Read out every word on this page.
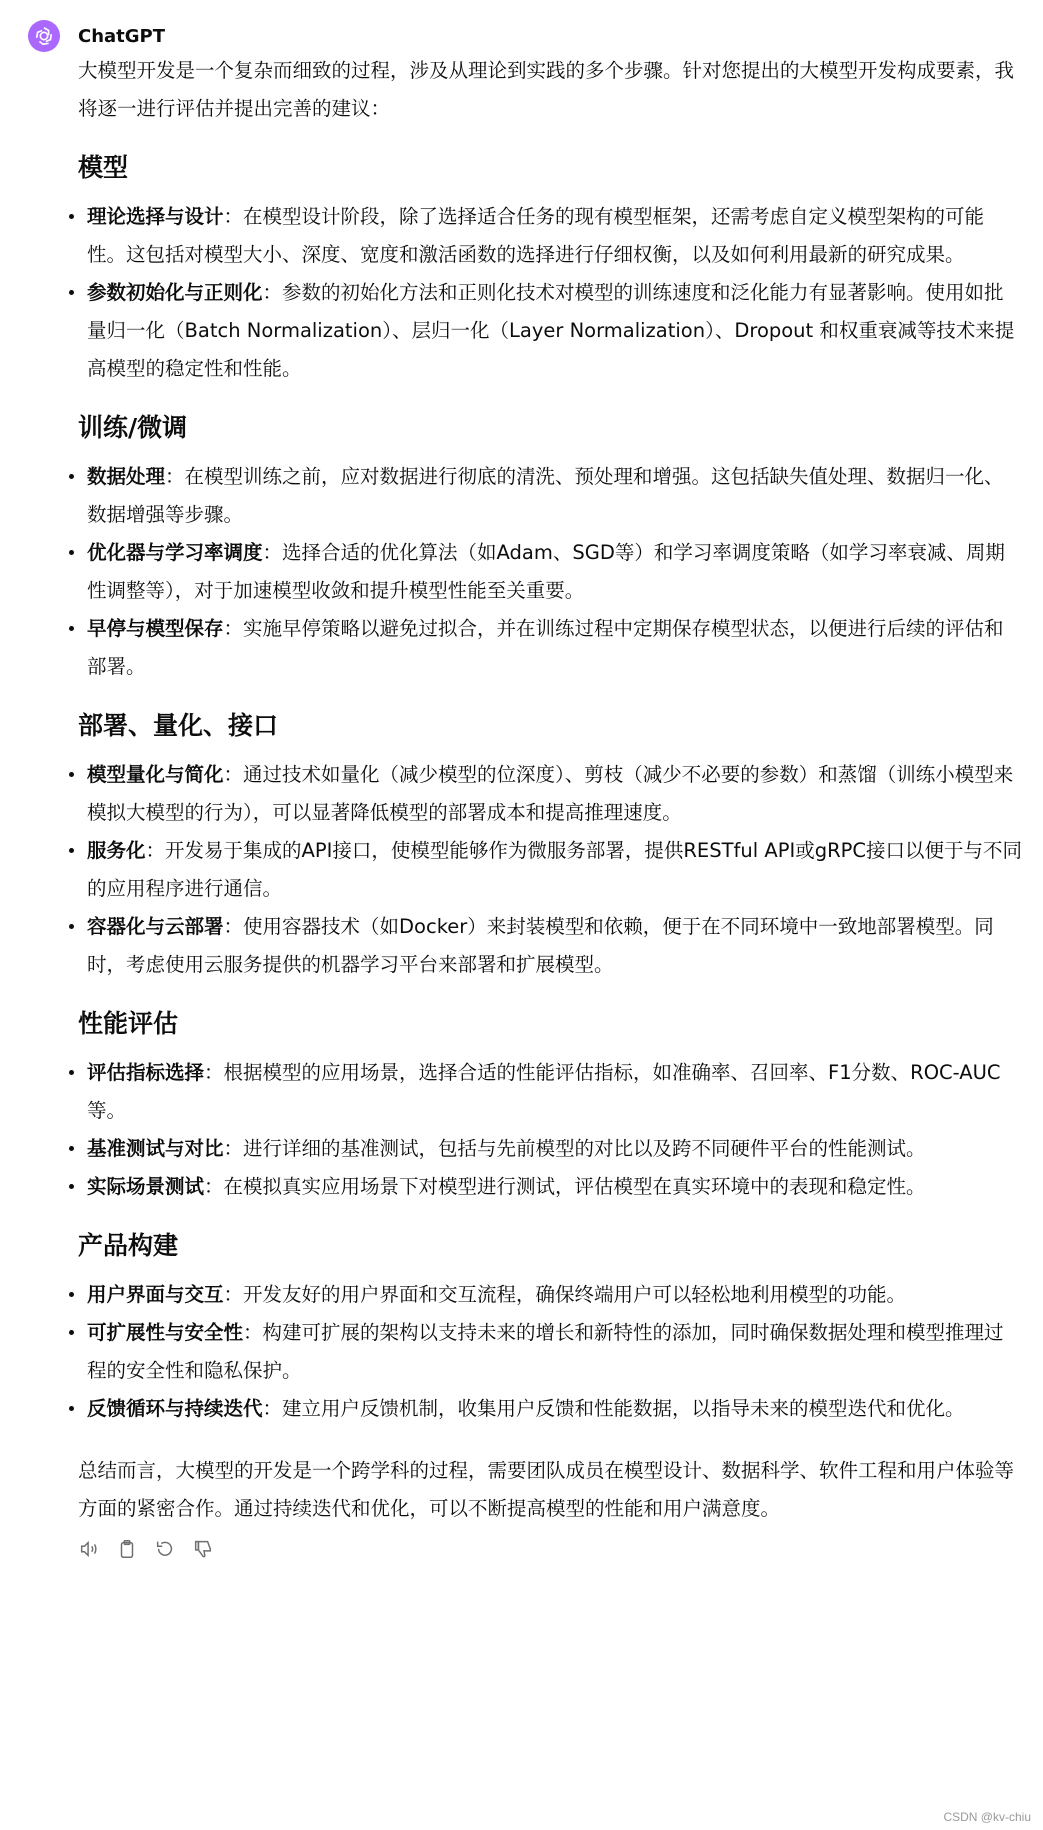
ChatGPT

大模型开发是一个复杂而细致的过程，涉及从理论到实践的多个步骤。针对您提出的大模型开发构成要素，我将逐一进行评估并提出完善的建议：

模型
理论选择与设计：在模型设计阶段，除了选择适合任务的现有模型框架，还需考虑自定义模型架构的可能性。这包括对模型大小、深度、宽度和激活函数的选择进行仔细权衡，以及如何利用最新的研究成果。
参数初始化与正则化：参数的初始化方法和正则化技术对模型的训练速度和泛化能力有显著影响。使用如批量归一化（Batch Normalization）、层归一化（Layer Normalization）、Dropout 和权重衰减等技术来提高模型的稳定性和性能。
训练/微调
数据处理：在模型训练之前，应对数据进行彻底的清洗、预处理和增强。这包括缺失值处理、数据归一化、数据增强等步骤。
优化器与学习率调度：选择合适的优化算法（如Adam、SGD等）和学习率调度策略（如学习率衰减、周期性调整等），对于加速模型收敛和提升模型性能至关重要。
早停与模型保存：实施早停策略以避免过拟合，并在训练过程中定期保存模型状态，以便进行后续的评估和部署。
部署、量化、接口
模型量化与简化：通过技术如量化（减少模型的位深度）、剪枝（减少不必要的参数）和蒸馏（训练小模型来模拟大模型的行为），可以显著降低模型的部署成本和提高推理速度。
服务化：开发易于集成的API接口，使模型能够作为微服务部署，提供RESTful API或gRPC接口以便于与不同的应用程序进行通信。
容器化与云部署：使用容器技术（如Docker）来封装模型和依赖，便于在不同环境中一致地部署模型。同时，考虑使用云服务提供的机器学习平台来部署和扩展模型。
性能评估
评估指标选择：根据模型的应用场景，选择合适的性能评估指标，如准确率、召回率、F1分数、ROC-AUC等。
基准测试与对比：进行详细的基准测试，包括与先前模型的对比以及跨不同硬件平台的性能测试。
实际场景测试：在模拟真实应用场景下对模型进行测试，评估模型在真实环境中的表现和稳定性。
产品构建
用户界面与交互：开发友好的用户界面和交互流程，确保终端用户可以轻松地利用模型的功能。
可扩展性与安全性：构建可扩展的架构以支持未来的增长和新特性的添加，同时确保数据处理和模型推理过程的安全性和隐私保护。
反馈循环与持续迭代：建立用户反馈机制，收集用户反馈和性能数据，以指导未来的模型迭代和优化。

总结而言，大模型的开发是一个跨学科的过程，需要团队成员在模型设计、数据科学、软件工程和用户体验等方面的紧密合作。通过持续迭代和优化，可以不断提高模型的性能和用户满意度。

CSDN @kv-chiu
